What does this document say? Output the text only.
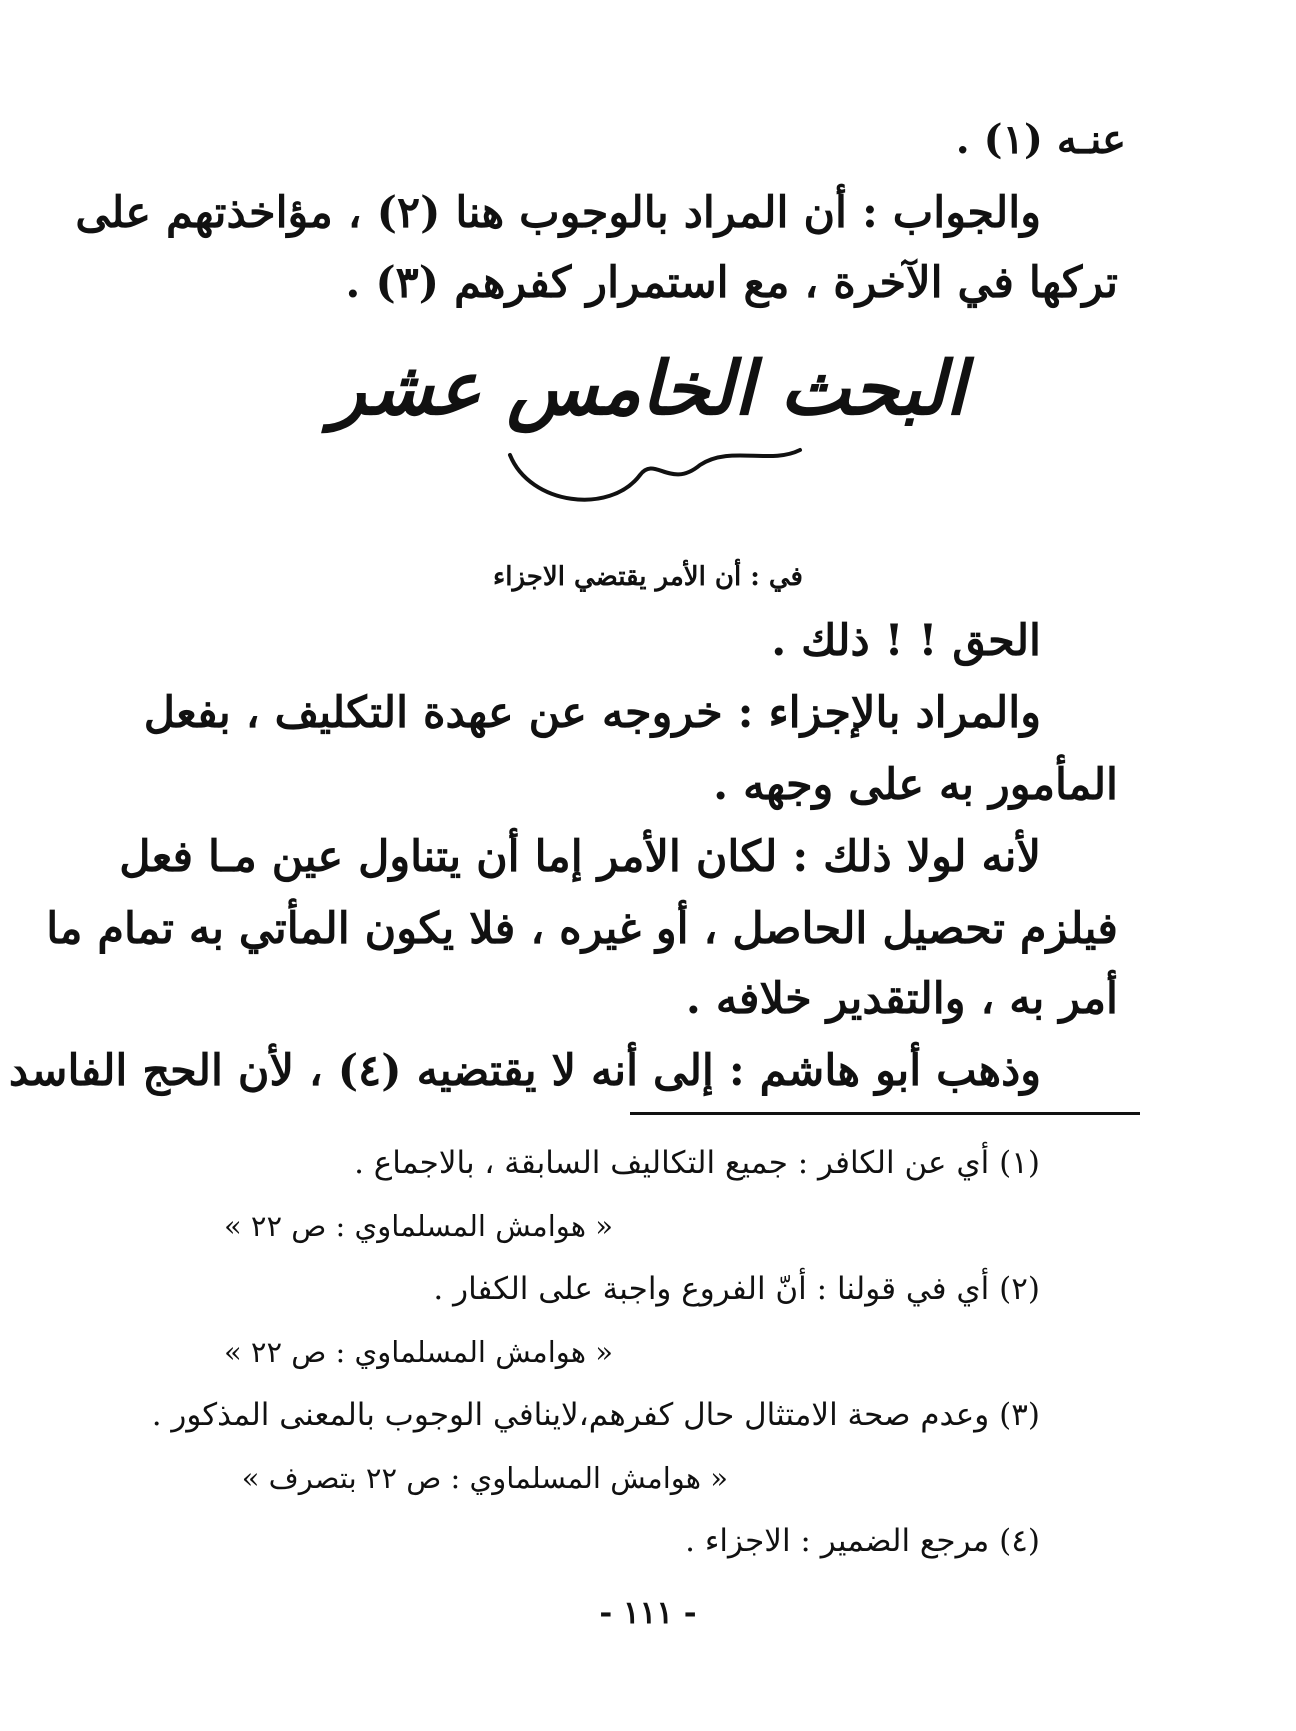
عنـه (١) .
والجواب : أن المراد بالوجوب هنا (٢) ، مؤاخذتهم على
تركها في الآخرة ، مع استمرار كفرهم (٣) .
البحث الخامس عشر
في : أن الأمر يقتضي الاجزاء
الحق ! ! ذلك .
والمراد بالإجزاء : خروجه عن عهدة التكليف ، بفعل
المأمور به على وجهه .
لأنه لولا ذلك : لكان الأمر إما أن يتناول عين مـا فعل
فيلزم تحصيل الحاصل ، أو غيره ، فلا يكون المأتي به تمام ما
أمر به ، والتقدير خلافه .
وذهب أبو هاشم : إلى أنه لا يقتضيه (٤) ، لأن الحج الفاسد
(١) أي عن الكافر : جميع التكاليف السابقة ، بالاجماع .
« هوامش المسلماوي : ص ٢٢ »
(٢) أي في قولنا : أنّ الفروع واجبة على الكفار .
« هوامش المسلماوي : ص ٢٢ »
(٣) وعدم صحة الامتثال حال كفرهم،لاينافي الوجوب بالمعنى المذكور .
« هوامش المسلماوي : ص ٢٢ بتصرف »
(٤) مرجع الضمير : الاجزاء .
- ١١١ -
